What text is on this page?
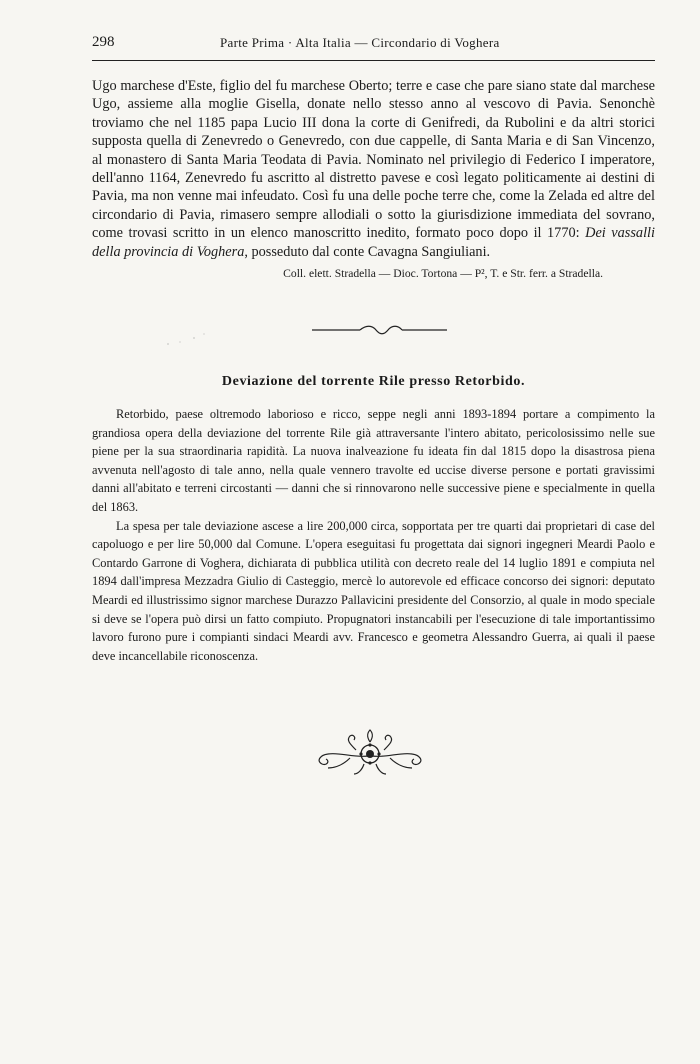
298	Parte Prima · Alta Italia — Circondario di Voghera

Ugo marchese d'Este, figlio del fu marchese Oberto; terre e case che pare siano state dal marchese Ugo, assieme alla moglie Gisella, donate nello stesso anno al vescovo di Pavia. Senonchè troviamo che nel 1185 papa Lucio III dona la corte di Genifredi, da Rubolini e da altri storici supposta quella di Zenevredo o Genevredo, con due cappelle, di Santa Maria e di San Vincenzo, al monastero di Santa Maria Teodata di Pavia. Nominato nel privilegio di Federico I imperatore, dell'anno 1164, Zenevredo fu ascritto al distretto pavese e così legato politicamente ai destini di Pavia, ma non venne mai infeudato. Così fu una delle poche terre che, come la Zelada ed altre del circondario di Pavia, rimasero sempre allodiali o sotto la giurisdizione immediata del sovrano, come trovasi scritto in un elenco manoscritto inedito, formato poco dopo il 1770: Dei vassalli della provincia di Voghera, posseduto dal conte Cavagna Sangiuliani.

Coll. elett. Stradella — Dioc. Tortona — P², T. e Str. ferr. a Stradella.
Deviazione del torrente Rile presso Retorbido.

Retorbido, paese oltremodo laborioso e ricco, seppe negli anni 1893-1894 portare a compimento la grandiosa opera della deviazione del torrente Rile già attraversante l'intero abitato, pericolosissimo nelle sue piene per la sua straordinaria rapidità. La nuova inalveazione fu ideata fin dal 1815 dopo la disastrosa piena avvenuta nell'agosto di tale anno, nella quale vennero travolte ed uccise diverse persone e portati gravissimi danni all'abitato e terreni circostanti — danni che si rinnovarono nelle successive piene e specialmente in quella del 1863.

La spesa per tale deviazione ascese a lire 200,000 circa, sopportata per tre quarti dai proprietari di case del capoluogo e per lire 50,000 dal Comune. L'opera eseguitasi fu progettata dai signori ingegneri Meardi Paolo e Contardo Garrone di Voghera, dichiarata di pubblica utilità con decreto reale del 14 luglio 1891 e compiuta nel 1894 dall'impresa Mezzadra Giulio di Casteggio, mercè lo autorevole ed efficace concorso dei signori: deputato Meardi ed illustrissimo signor marchese Durazzo Pallavicini presidente del Consorzio, al quale in modo speciale si deve se l'opera può dirsi un fatto compiuto. Propugnatori instancabili per l'esecuzione di tale importantissimo lavoro furono pure i compianti sindaci Meardi avv. Francesco e geometra Alessandro Guerra, ai quali il paese deve incancellabile riconoscenza.
